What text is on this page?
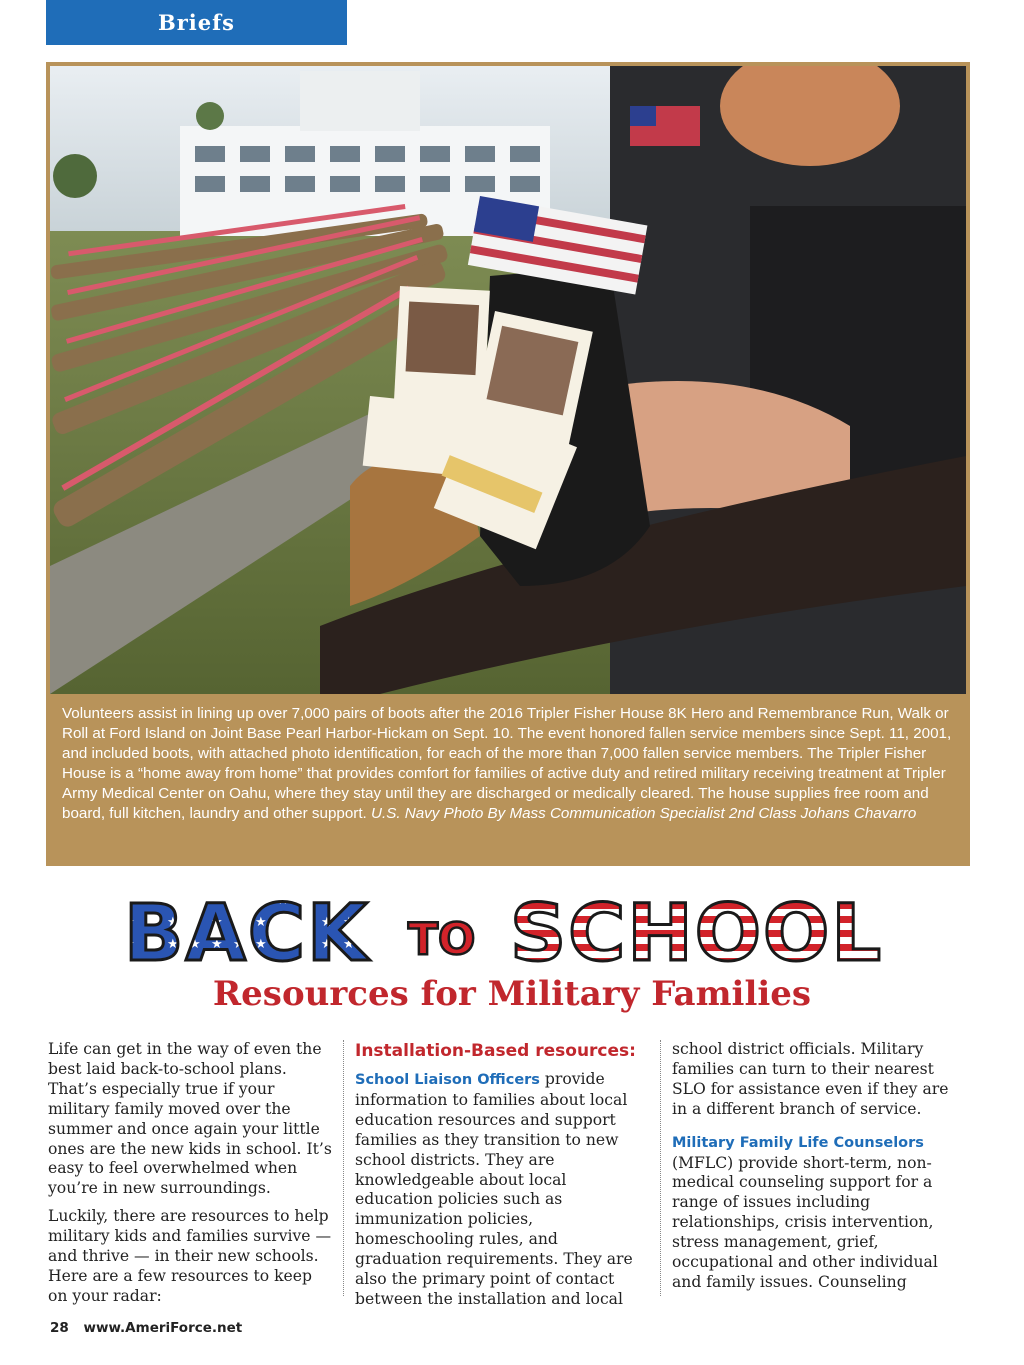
Briefs

Volunteers assist in lining up over 7,000 pairs of boots after the 2016 Tripler Fisher House 8K Hero and Remembrance Run, Walk or Roll at Ford Island on Joint Base Pearl Harbor-Hickam on Sept. 10. The event honored fallen service members since Sept. 11, 2001, and included boots, with attached photo identification, for each of the more than 7,000 fallen service members. The Tripler Fisher House is a “home away from home” that provides comfort for families of active duty and retired military receiving treatment at Tripler Army Medical Center on Oahu, where they stay until they are discharged or medically cleared. The house supplies free room and board, full kitchen, laundry and other support. U.S. Navy Photo By Mass Communication Specialist 2nd Class Johans Chavarro

BACK TO SCHOOL
Resources for Military Families

Life can get in the way of even the best laid back-to-school plans. That’s especially true if your military family moved over the summer and once again your little ones are the new kids in school. It’s easy to feel overwhelmed when you’re in new surroundings.

Luckily, there are resources to help military kids and families survive — and thrive — in their new schools. Here are a few resources to keep on your radar:

Installation-Based resources:

School Liaison Officers provide information to families about local education resources and support families as they transition to new school districts. They are knowledgeable about local education policies such as immunization policies, homeschooling rules, and graduation requirements. They are also the primary point of contact between the installation and local

school district officials. Military families can turn to their nearest SLO for assistance even if they are in a different branch of service.

Military Family Life Counselors
(MFLC) provide short-term, non-medical counseling support for a range of issues including relationships, crisis intervention, stress management, grief, occupational and other individual and family issues. Counseling

28 www.AmeriForce.net
